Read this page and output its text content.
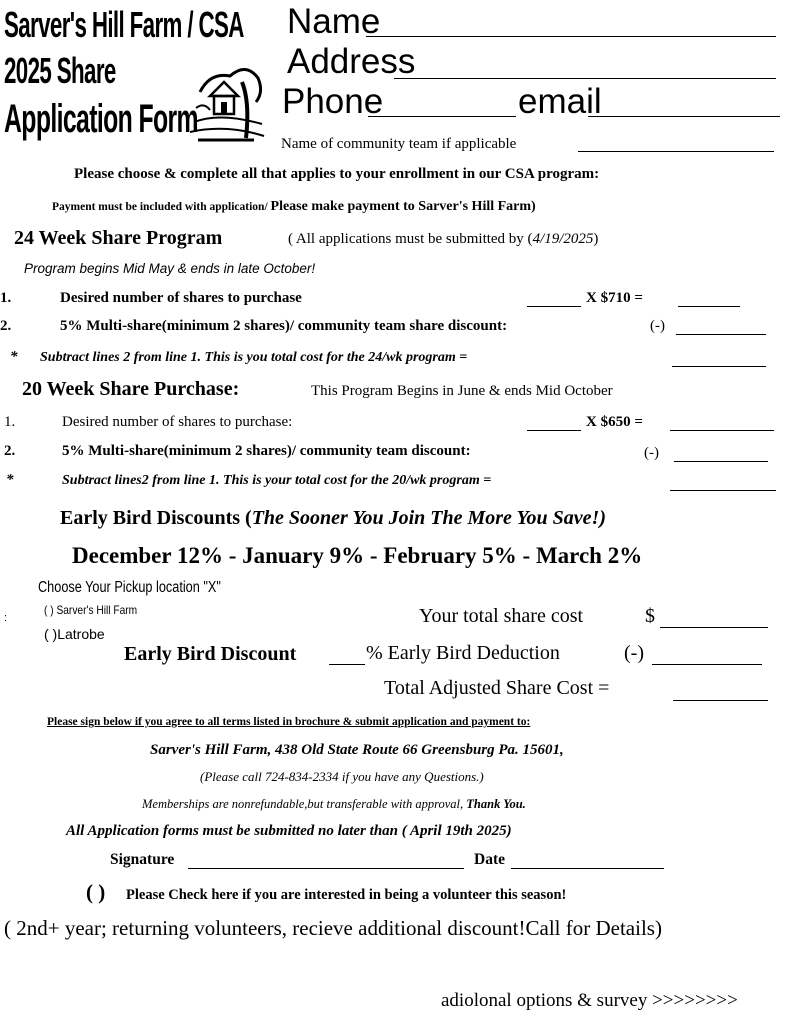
Sarver's Hill Farm / CSA
2025 Share
Application Form
Name
Address
Phone	email
Name of community team if applicable
Please choose & complete all that applies to your enrollment in our CSA program:
Payment must be included with application/ Please make payment to Sarver's Hill Farm)
24 Week Share Program	( All applications must be submitted by (4/19/2025)
Program begins Mid May & ends in late October!
1.	Desired number of shares to purchase	X $710 =
2.	5% Multi-share(minimum 2 shares)/ community team share discount:	(-)
* Subtract lines 2 from line 1. This is you total cost for the 24/wk program =
20 Week Share Purchase:	This Program Begins in June & ends Mid October
1.	Desired number of shares to purchase:	X $650 =
2.	5% Multi-share(minimum 2 shares)/ community team discount:	(-)
*	Subtract lines2 from line 1. This is your total cost for the 20/wk program =
Early Bird Discounts (The Sooner You Join The More You Save!)
December 12% - January 9% - February 5% - March 2%
Choose Your Pickup location "X"
( ) Sarver's Hill Farm
( )Latrobe
:	Your total share cost	$
Early Bird Discount	% Early Bird Deduction	(-)
Total Adjusted Share Cost =
Please sign below if you agree to all terms listed in brochure & submit application and payment to:
Sarver's Hill Farm, 438 Old State Route 66 Greensburg Pa. 15601,
(Please call 724-834-2334 if you have any Questions.)
Memberships are nonrefundable,but transferable with approval, Thank You.
All Application forms must be submitted no later than ( April 19th 2025)
Signature	Date
( ) Please Check here if you are interested in being a volunteer this season!
( 2nd+ year; returning volunteers, recieve additional discount!Call for Details)
adiolonal options & survey >>>>>>>>
